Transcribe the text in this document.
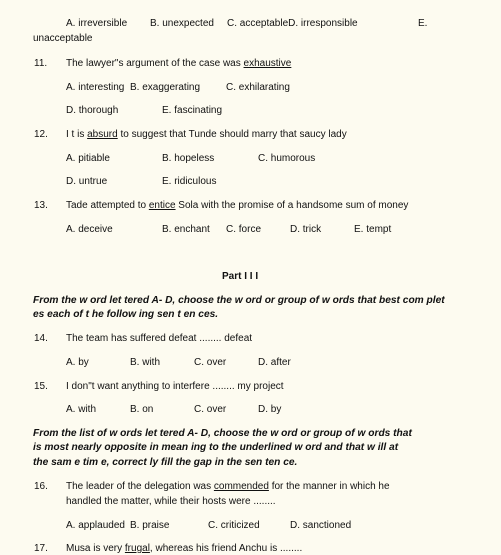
A. irreversible B. unexpected C. acceptableD. irresponsible	E.
unacceptable
11. The lawyer"s argument of the case was exhaustive
A. interesting B. exaggerating	C. exhilarating
D. thorough	E. fascinating
12. I t is absurd to suggest that Tunde should marry that saucy lady
A. pitiable	B. hopeless	C. humorous
D. untrue	E. ridiculous
13. Tade attempted to entice Sola with the promise of a handsome sum of money
A. deceive	B. enchant C. force	D. trick	E. tempt
Part I I I
From the w ord let tered A- D, choose the w ord or group of w ords that best com plet
es each of t he follow ing sen t en ces.
14. The team has suffered defeat ........ defeat
A. by	B. with	C. over	D. after
15. I don"t want anything to interfere ........ my project
A. with	B. on	C. over	D. by
From the list of w ords let tered A- D, choose the w ord or group of w ords that
is most nearly opposite in mean ing to the underlined w ord and that w ill at
the sam e tim e, correct ly fill the gap in the sen ten ce.
16. The leader of the delegation was commended for the manner in which he
handled the matter, while their hosts were ........
A. applauded B. praise	C. criticized	D. sanctioned
17. Musa is very frugal, whereas his friend Anchu is ........
